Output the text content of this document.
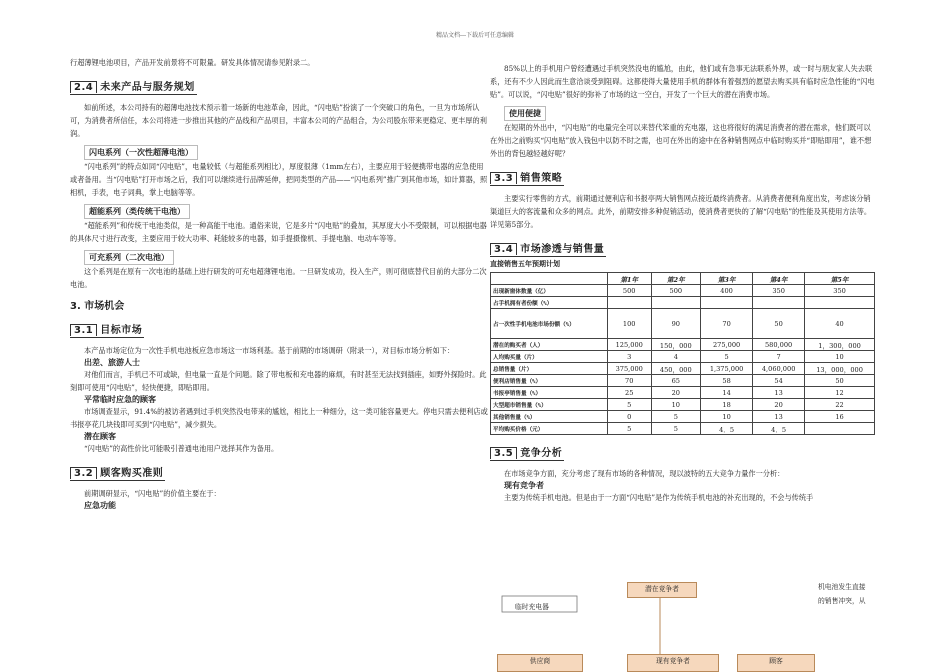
精品文档---下载后可任意编辑

行超薄锂电池项目，产品开发前景将不可限量。研发具体情况请参见附录二。

2.4 未来产品与服务规划

如前所述，本公司持有的超薄电池技术预示着一场新的电池革命，因此，“闪电贴”扮演了一个突破口的角色，一旦为市场所认可，为消费者所信任，本公司将进一步推出其他的产品线和产品项目，丰富本公司的产品组合，为公司股东带来更稳定、更丰厚的利润。

闪电系列（一次性超薄电池）

“闪电系列”的特点如同“闪电贴”，电量较低（与超能系列相比），厚度很薄（1mm左右），主要应用于轻便携带电器的应急使用或者备用。当“闪电贴”打开市场之后，我们可以继续进行品牌延伸，把同类型的产品——“闪电系列”推广到其他市场，如计算器，照相机，手表，电子词典，掌上电脑等等。

超能系列（类传统干电池）

“超能系列”和传统干电池类似，是一种高能干电池。通俗来说，它是多片“闪电贴”的叠加，其厚度大小不受限制，可以根据电器的具体尺寸进行改变，主要应用于较大功率、耗能较多的电器，如手提摄像机、手提电脑、电动车等等。

可充系列（二次电池）

这个系列是在原有一次电池的基础上进行研发的可充电超薄锂电池。一旦研发成功，投入生产，则可彻底替代目前的大部分二次电池。

3. 市场机会
3.1 目标市场

本产品市场定位为一次性手机电池板应急市场这一市场利基。基于前期的市场调研（附录一），对目标市场分析如下：

出差、旅游人士

对他们而言，手机已不可或缺，但电量一直是个问题。除了带电板和充电器的麻烦，有时甚至无法找到插座，如野外探险时。此刻即可使用“闪电贴”，轻快便捷，即贴即用。

平常临时应急的顾客

市场调查显示，91.4%的被访者遇到过手机突然没电带来的尴尬，相比上一种细分，这一类可能容量更大。停电只需去便利店或书报亭花几块钱即可买到“闪电贴”，减少损失。

潜在顾客

“闪电贴”的高性价比可能吸引普通电池用户选择其作为备用。

3.2 顾客购买准则

前期调研显示，“闪电贴”的价值主要在于：

应急功能

85%以上的手机用户曾经遭遇过手机突然没电的尴尬，由此，他们或有急事无法联系外界，或一时与朋友家人失去联系，还有不少人因此而生意洽谈受到阻碍。这都使得大量使用手机的群体有着强烈的愿望去购买具有临时应急性能的“闪电贴”。可以说，“闪电贴”很好的弥补了市场的这一空白，开发了一个巨大的潜在消费市场。

使用便捷

在短期的外出中，“闪电贴”的电量完全可以来替代笨重的充电器，这也将很好的满足消费者的潜在需求，他们既可以在外出之前购买“闪电贴”放入钱包中以防不时之需，也可在外出的途中在各种销售网点中临时购买并“即贴即用”，谁不想外出的背包越轻越好呢？

3.3 销售策略

主要实行零售的方式，前期通过便利店和书报亭两大销售网点接近最终消费者。从消费者便利角度出发，考虑该分销渠道巨大的客流量和众多的网点。此外，前期安排多种促销活动，使消费者更快的了解“闪电贴”的性能及其使用方法等。详见第5部分。

3.4 市场渗透与销售量
直接销售五年预期计划
	第1年	第2年	第3年	第4年	第5年
出现新窗体数量（亿）	500	500	400	350	350
占手机拥有者份额（%）					
占一次性手机电池市场份额（%）	100	90	70	50	40
潜在的购买者（人）	125,000	150，000	275,000	580,000	1，300，000
人均购买量（片）	3	4	5	7	10
总销售量（片）	375,000	450，000	1,375,000	4,060,000	13，000，000
便利店销售量（%）	70	65	58	54	50
书报亭销售量（%）	25	20	14	13	12
大型超市销售量（%）	5	10	18	20	22
其他销售量（%）	0	5	10	13	16
平均购买价格（元）	5	5	4．5	4．5	
3.5 竞争分析

在市场竞争方面，充分考虑了现有市场的各种情况，现以波特的五大竞争力量作一分析：

现有竞争者

主要为传统手机电池。但是由于一方面“闪电贴”是作为传统手机电池的补充出现的，不会与传统手

机电池发生直接
的销售冲突，从
潜在竞争者
临时充电器
供应商	现有竞争者	顾客
